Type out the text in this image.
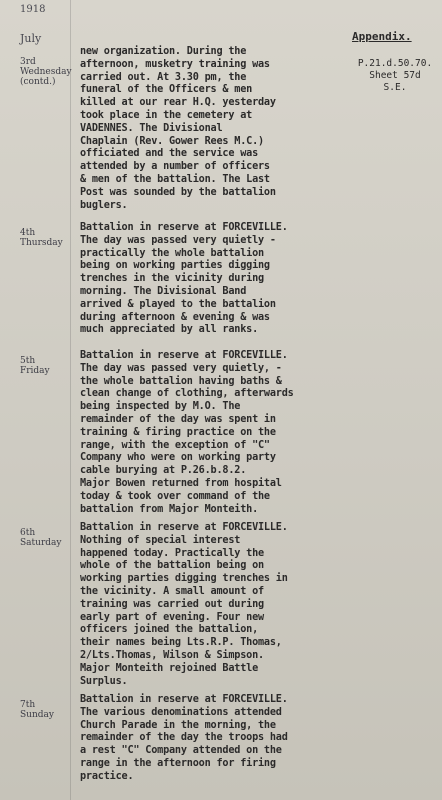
1918
July	Appendix.
P.21.d.50.70.
Sheet 57d
S.E.
3rd
Wednesday
(contd.)
new organization. During the
afternoon, musketry training was
carried out. At 3.30 pm, the
funeral of the Officers & men
killed at our rear H.Q. yesterday
took place in the cemetery at
VADENNES. The Divisional
Chaplain (Rev. Gower Rees M.C.)
officiated and the service was
attended by a number of officers
& men of the battalion. The Last
Post was sounded by the battalion
buglers.
4th
Thursday
Battalion in reserve at FORCEVILLE.
The day was passed very quietly -
practically the whole battalion
being on working parties digging
trenches in the vicinity during
morning. The Divisional Band
arrived & played to the battalion
during afternoon & evening & was
much appreciated by all ranks.
5th
Friday
Battalion in reserve at FORCEVILLE.
The day was passed very quietly, -
the whole battalion having baths &
clean change of clothing, afterwards
being inspected by M.O. The
remainder of the day was spent in
training & firing practice on the
range, with the exception of "C"
Company who were on working party
cable burying at P.26.b.8.2.
Major Bowen returned from hospital
today & took over command of the
battalion from Major Monteith.
6th
Saturday
Battalion in reserve at FORCEVILLE.
Nothing of special interest
happened today. Practically the
whole of the battalion being on
working parties digging trenches in
the vicinity. A small amount of
training was carried out during
early part of evening. Four new
officers joined the battalion,
their names being Lts.R.P. Thomas,
2/Lts.Thomas, Wilson & Simpson.
Major Monteith rejoined Battle
Surplus.
7th
Sunday
Battalion in reserve at FORCEVILLE.
The various denominations attended
Church Parade in the morning, the
remainder of the day the troops had
a rest "C" Company attended on the
range in the afternoon for firing
practice.
